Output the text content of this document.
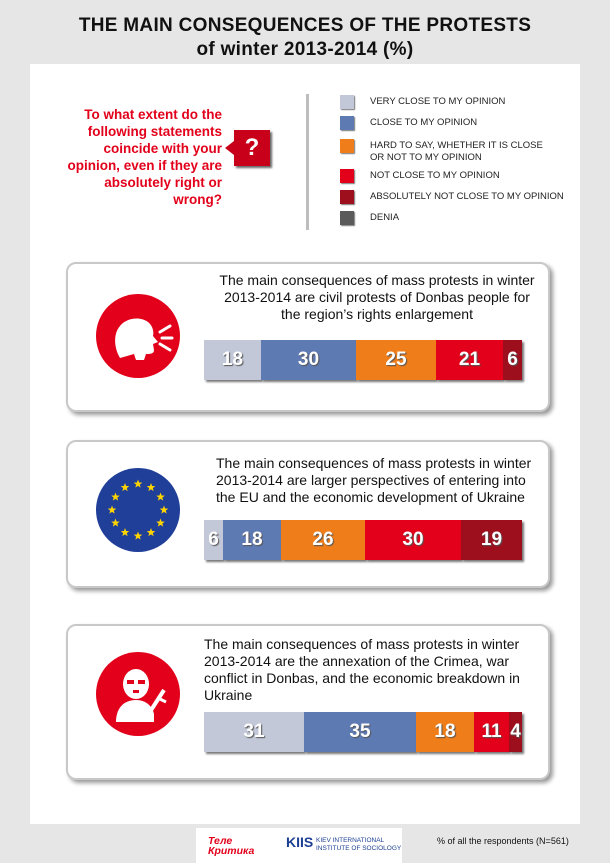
THE MAIN CONSEQUENCES OF THE PROTESTS
of winter 2013-2014 (%)
To what extent do the following statements coincide with your opinion, even if they are absolutely right or wrong?
?
VERY CLOSE TO MY OPINION
CLOSE TO MY OPINION
HARD TO SAY, WHETHER IT IS CLOSE OR NOT TO MY OPINION
NOT CLOSE TO MY OPINION
ABSOLUTELY NOT CLOSE TO MY OPINION
DENIA
The main consequences of mass protests in winter 2013-2014 are civil protests of Donbas people for the region’s rights enlargement
18	30	25	21	6
The main consequences of mass protests in winter 2013-2014 are larger perspectives of entering into the EU and the economic development of Ukraine
6	18	26	30	19
The main consequences of mass protests in winter 2013-2014 are the annexation of the Crimea, war conflict in Donbas, and the economic breakdown in Ukraine
31	35	18	11 4
Теле
Критика
KIIS KIEV INTERNATIONAL INSTITUTE OF SOCIOLOGY
% of all the respondents (N=561)
